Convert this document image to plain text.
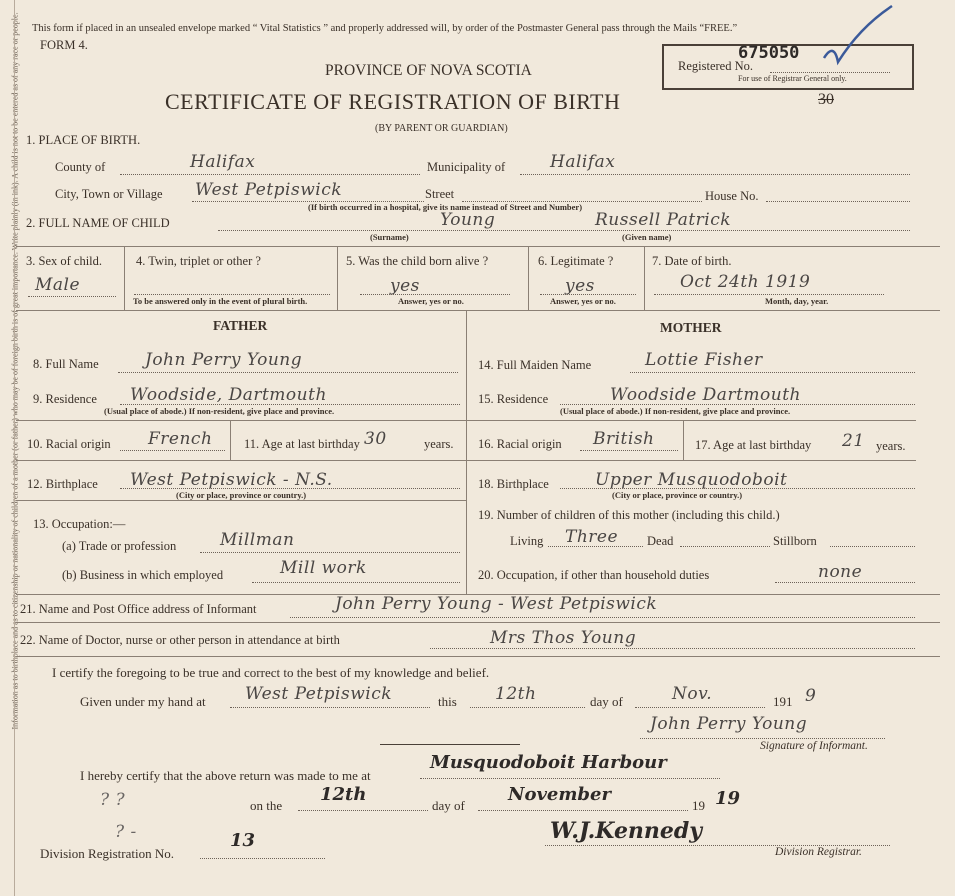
Information as to birthplace and as to citizenship or nationality of children of a mother (or father) who may be of foreign birth is of great importance. Write plainly (in ink). A child is not to be entered as of any race or people. This form if placed in an unsealed envelope marked “ Vital Statistics ” and properly addressed will, by order of the Postmaster General pass through the Mails “FREE.”
FORM 4.
PROVINCE OF NOVA SCOTIA
CERTIFICATE OF REGISTRATION OF BIRTH
(BY PARENT OR GUARDIAN)
30
Registered No.
675050
For use of Registrar General only.
1. PLACE OF BIRTH.
County of	Halifax	Municipality of	Halifax
City, Town or Village West Petpiswick	Street	House No.
(If birth occurred in a hospital, give its name instead of Street and Number)
2. FULL NAME OF CHILD	Young	Russell Patrick
(Surname)	(Given name)
3. Sex of child.
Male
4. Twin, triplet or other ?
To be answered only in the event of plural birth.
5. Was the child born alive ?
yes
Answer, yes or no.
6. Legitimate ?
yes
Answer, yes or no.
7. Date of birth.
Oct 24th 1919
Month, day, year.
FATHER	MOTHER
8. Full Name	John Perry Young	14. Full Maiden Name	Lottie Fisher
9. Residence Woodside, Dartmouth
(Usual place of abode.) If non-resident, give place and province.
15. Residence	Woodside Dartmouth
(Usual place of abode.) If non-resident, give place and province.
10. Racial origin French	11. Age at last birthday 30	years. 16. Racial origin British	17. Age at last birthday 21 years.
12. Birthplace West Petpiswick - N.S.
(City or place, province or country.)
18. Birthplace	Upper Musquodoboit
(City or place, province or country.)
13. Occupation:—
(a) Trade or profession	Millman
19. Number of children of this mother (including this child.)
Living Three Dead	Stillborn
(b) Business in which employed	Mill work	20. Occupation, if other than household duties	none
21. Name and Post Office address of Informant	John Perry Young - West Petpiswick
22. Name of Doctor, nurse or other person in attendance at birth	Mrs Thos Young
I certify the foregoing to be true and correct to the best of my knowledge and belief.
Given under my hand at West Petpiswick	this 12th	day of	Nov.	191 9
John Perry Young
Signature of Informant.
I hereby certify that the above return was made to me at
Musquodoboit Harbour
? ?	on the
12th
day of
November
19 19
? -
Division Registration No.
13	W.J.Kennedy
Division Registrar.
